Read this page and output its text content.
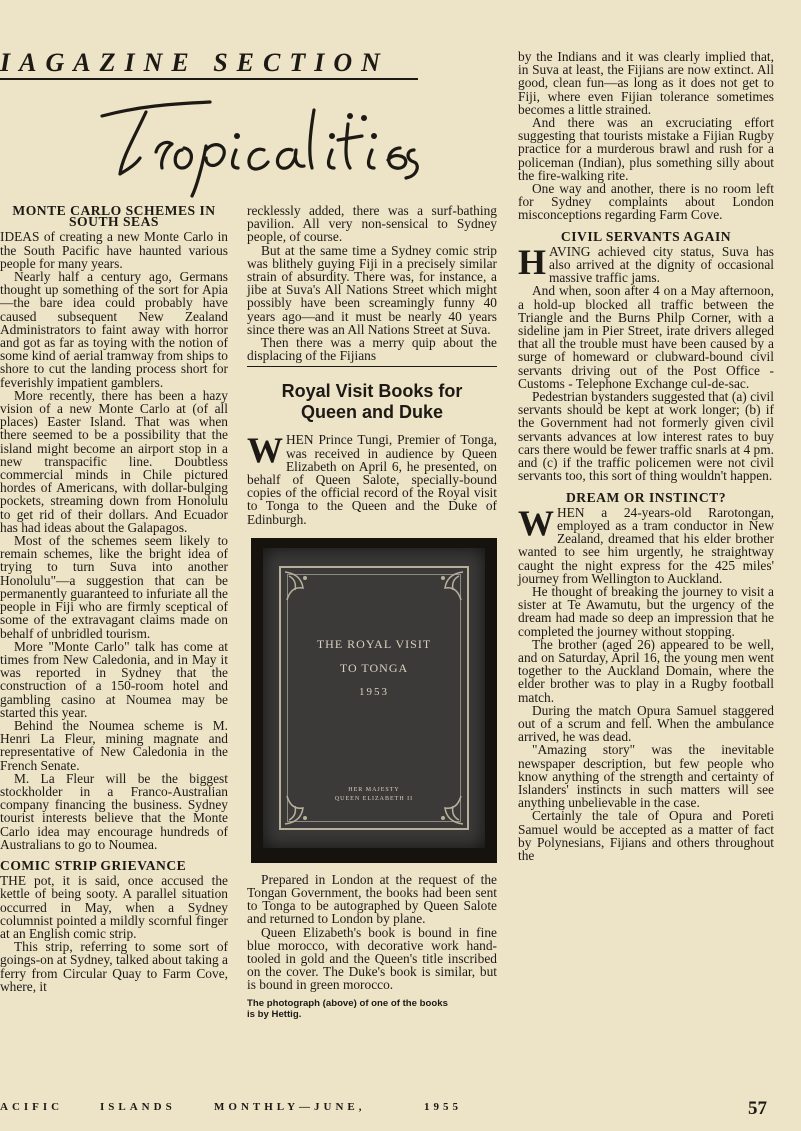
IAGAZINE SECTION
MONTE CARLO SCHEMES IN
SOUTH SEAS

IDEAS of creating a new Monte Carlo in the South Pacific have haunted various people for many years.

Nearly half a century ago, Germans thought up something of the sort for Apia—the bare idea could probably have caused subsequent New Zealand Administrators to faint away with horror and got as far as toying with the notion of some kind of aerial tramway from ships to shore to cut the landing process short for feverishly impatient gamblers.

More recently, there has been a hazy vision of a new Monte Carlo at (of all places) Easter Island. That was when there seemed to be a possibility that the island might become an airport stop in a new transpacific line. Doubtless commercial minds in Chile pictured hordes of Americans, with dollar-bulging pockets, streaming down from Honolulu to get rid of their dollars. And Ecuador has had ideas about the Galapagos.

Most of the schemes seem likely to remain schemes, like the bright idea of trying to turn Suva into another Honolulu"—a suggestion that can be permanently guaranteed to infuriate all the people in Fiji who are firmly sceptical of some of the extravagant claims made on behalf of unbridled tourism.

More "Monte Carlo" talk has come at times from New Caledonia, and in May it was reported in Sydney that the construction of a 150-room hotel and gambling casino at Noumea may be started this year.

Behind the Noumea scheme is M. Henri La Fleur, mining magnate and representative of New Caledonia in the French Senate.

M. La Fleur will be the biggest stockholder in a Franco-Australian company financing the business. Sydney tourist interests believe that the Monte Carlo idea may encourage hundreds of Australians to go to Noumea.

COMIC STRIP GRIEVANCE

THE pot, it is said, once accused the kettle of being sooty. A parallel situation occurred in May, when a Sydney columnist pointed a mildly scornful finger at an English comic strip.

This strip, referring to some sort of goings-on at Sydney, talked about taking a ferry from Circular Quay to Farm Cove, where, it

recklessly added, there was a surf-bathing pavilion. All very non-sensical to Sydney people, of course.

But at the same time a Sydney comic strip was blithely guying Fiji in a precisely similar strain of absurdity. There was, for instance, a jibe at Suva's All Nations Street which might possibly have been screamingly funny 40 years ago—and it must be nearly 40 years since there was an All Nations Street at Suva.

Then there was a merry quip about the displacing of the Fijians

Royal Visit Books for
Queen and Duke

WHEN Prince Tungi, Premier of Tonga, was received in audience by Queen Elizabeth on April 6, he presented, on behalf of Queen Salote, specially-bound copies of the official record of the Royal visit to Tonga to the Queen and the Duke of Edinburgh.

THE ROYAL VISIT
TO TONGA
1953
HER MAJESTY
QUEEN ELIZABETH II

Prepared in London at the request of the Tongan Government, the books had been sent to Tonga to be autographed by Queen Salote and returned to London by plane.

Queen Elizabeth's book is bound in fine blue morocco, with decorative work hand-tooled in gold and the Queen's title inscribed on the cover. The Duke's book is similar, but is bound in green morocco.

The photograph (above) of one of the books
is by Hettig.

by the Indians and it was clearly implied that, in Suva at least, the Fijians are now extinct. All good, clean fun—as long as it does not get to Fiji, where even Fijian tolerance sometimes becomes a little strained.

And there was an excruciating effort suggesting that tourists mistake a Fijian Rugby practice for a murderous brawl and rush for a policeman (Indian), plus something silly about the fire-walking rite.

One way and another, there is no room left for Sydney complaints about London misconceptions regarding Farm Cove.

CIVIL SERVANTS AGAIN

HAVING achieved city status, Suva has also arrived at the dignity of occasional massive traffic jams.

And when, soon after 4 on a May afternoon, a hold-up blocked all traffic between the Triangle and the Burns Philp Corner, with a sideline jam in Pier Street, irate drivers alleged that all the trouble must have been caused by a surge of homeward or clubward-bound civil servants driving out of the Post Office - Customs - Telephone Exchange cul-de-sac.

Pedestrian bystanders suggested that (a) civil servants should be kept at work longer; (b) if the Government had not formerly given civil servants advances at low interest rates to buy cars there would be fewer traffic snarls at 4 pm. and (c) if the traffic policemen were not civil servants too, this sort of thing wouldn't happen.

DREAM OR INSTINCT?

WHEN a 24-years-old Rarotongan, employed as a tram conductor in New Zealand, dreamed that his elder brother wanted to see him urgently, he straightway caught the night express for the 425 miles' journey from Wellington to Auckland.

He thought of breaking the journey to visit a sister at Te Awamutu, but the urgency of the dream had made so deep an impression that he completed the journey without stopping.

The brother (aged 26) appeared to be well, and on Saturday, April 16, the young men went together to the Auckland Domain, where the elder brother was to play in a Rugby football match.

During the match Opura Samuel staggered out of a scrum and fell. When the ambulance arrived, he was dead.

"Amazing story" was the inevitable newspaper description, but few people who know anything of the strength and certainty of Islanders' instincts in such matters will see anything unbelievable in the case.

Certainly the tale of Opura and Poreti Samuel would be accepted as a matter of fact by Polynesians, Fijians and others throughout the

ACIFIC	ISLANDS	MONTHLY—JUNE,	1955	57
